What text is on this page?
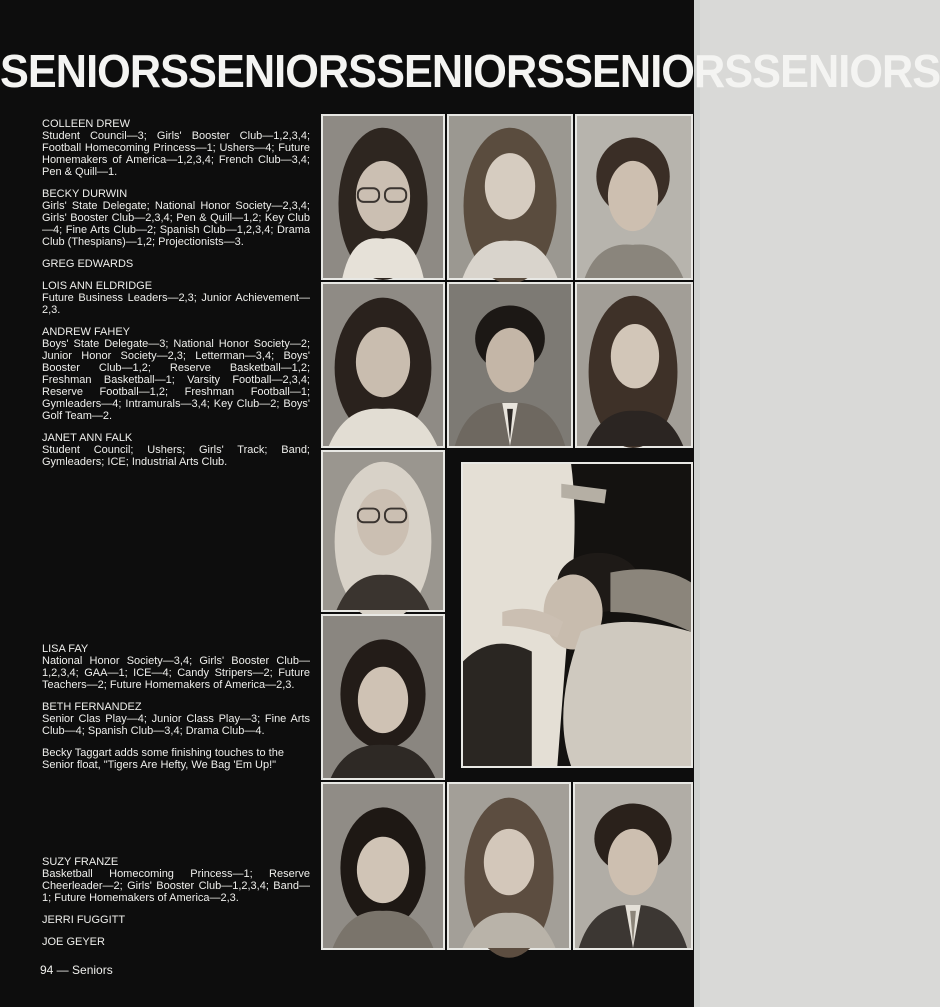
SENIORSSENIORSSENIORSSENIORSSENIORS
COLLEEN DREW
Student Council—3; Girls' Booster Club—1,2,3,4; Football Homecoming Princess—1; Ushers—4; Future Homemakers of America—1,2,3,4; French Club—3,4; Pen & Quill—1.
BECKY DURWIN
Girls' State Delegate; National Honor Society—2,3,4; Girls' Booster Club—2,3,4; Pen & Quill—1,2; Key Club—4; Fine Arts Club—2; Spanish Club—1,2,3,4; Drama Club (Thespians)—1,2; Projectionists—3.
GREG EDWARDS
LOIS ANN ELDRIDGE
Future Business Leaders—2,3; Junior Achievement—2,3.
ANDREW FAHEY
Boys' State Delegate—3; National Honor Society—2; Junior Honor Society—2,3; Letterman—3,4; Boys' Booster Club—1,2; Reserve Basketball—1,2; Freshman Basketball—1; Varsity Football—2,3,4; Reserve Football—1,2; Freshman Football—1; Gymleaders—4; Intramurals—3,4; Key Club—2; Boys' Golf Team—2.
JANET ANN FALK
Student Council; Ushers; Girls' Track; Band; Gymleaders; ICE; Industrial Arts Club.
LISA FAY
National Honor Society—3,4; Girls' Booster Club—1,2,3,4; GAA—1; ICE—4; Candy Stripers—2; Future Teachers—2; Future Homemakers of America—2,3.
BETH FERNANDEZ
Senior Clas Play—4; Junior Class Play—3; Fine Arts Club—4; Spanish Club—3,4; Drama Club—4.
Becky Taggart adds some finishing touches to the Senior float, "Tigers Are Hefty, We Bag 'Em Up!"
SUZY FRANZE
Basketball Homecoming Princess—1; Reserve Cheerleader—2; Girls' Booster Club—1,2,3,4; Band—1; Future Homemakers of America—2,3.
JERRI FUGGITT
JOE GEYER
94 — Seniors
